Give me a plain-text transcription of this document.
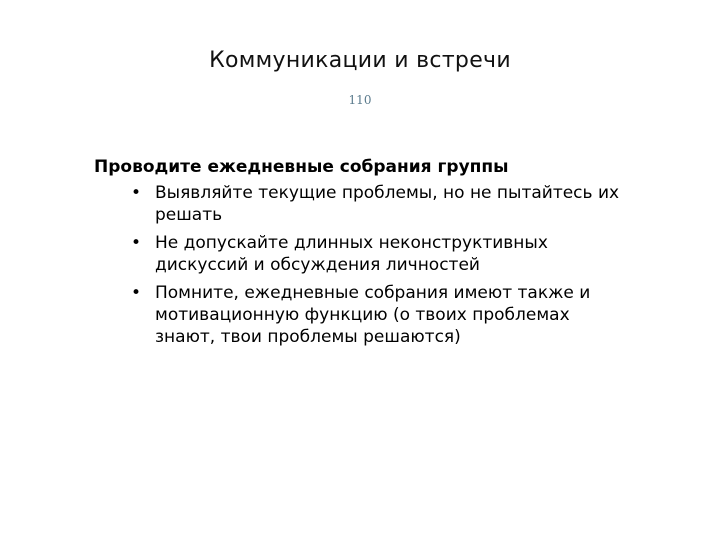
Коммуникации и встречи
110
Проводите ежедневные собрания группы
• Выявляйте текущие проблемы, но не пытайтесь их решать
• Не допускайте длинных неконструктивных дискуссий и обсуждения личностей
• Помните, ежедневные собрания имеют также и мотивационную функцию (о твоих проблемах знают, твои проблемы решаются)
